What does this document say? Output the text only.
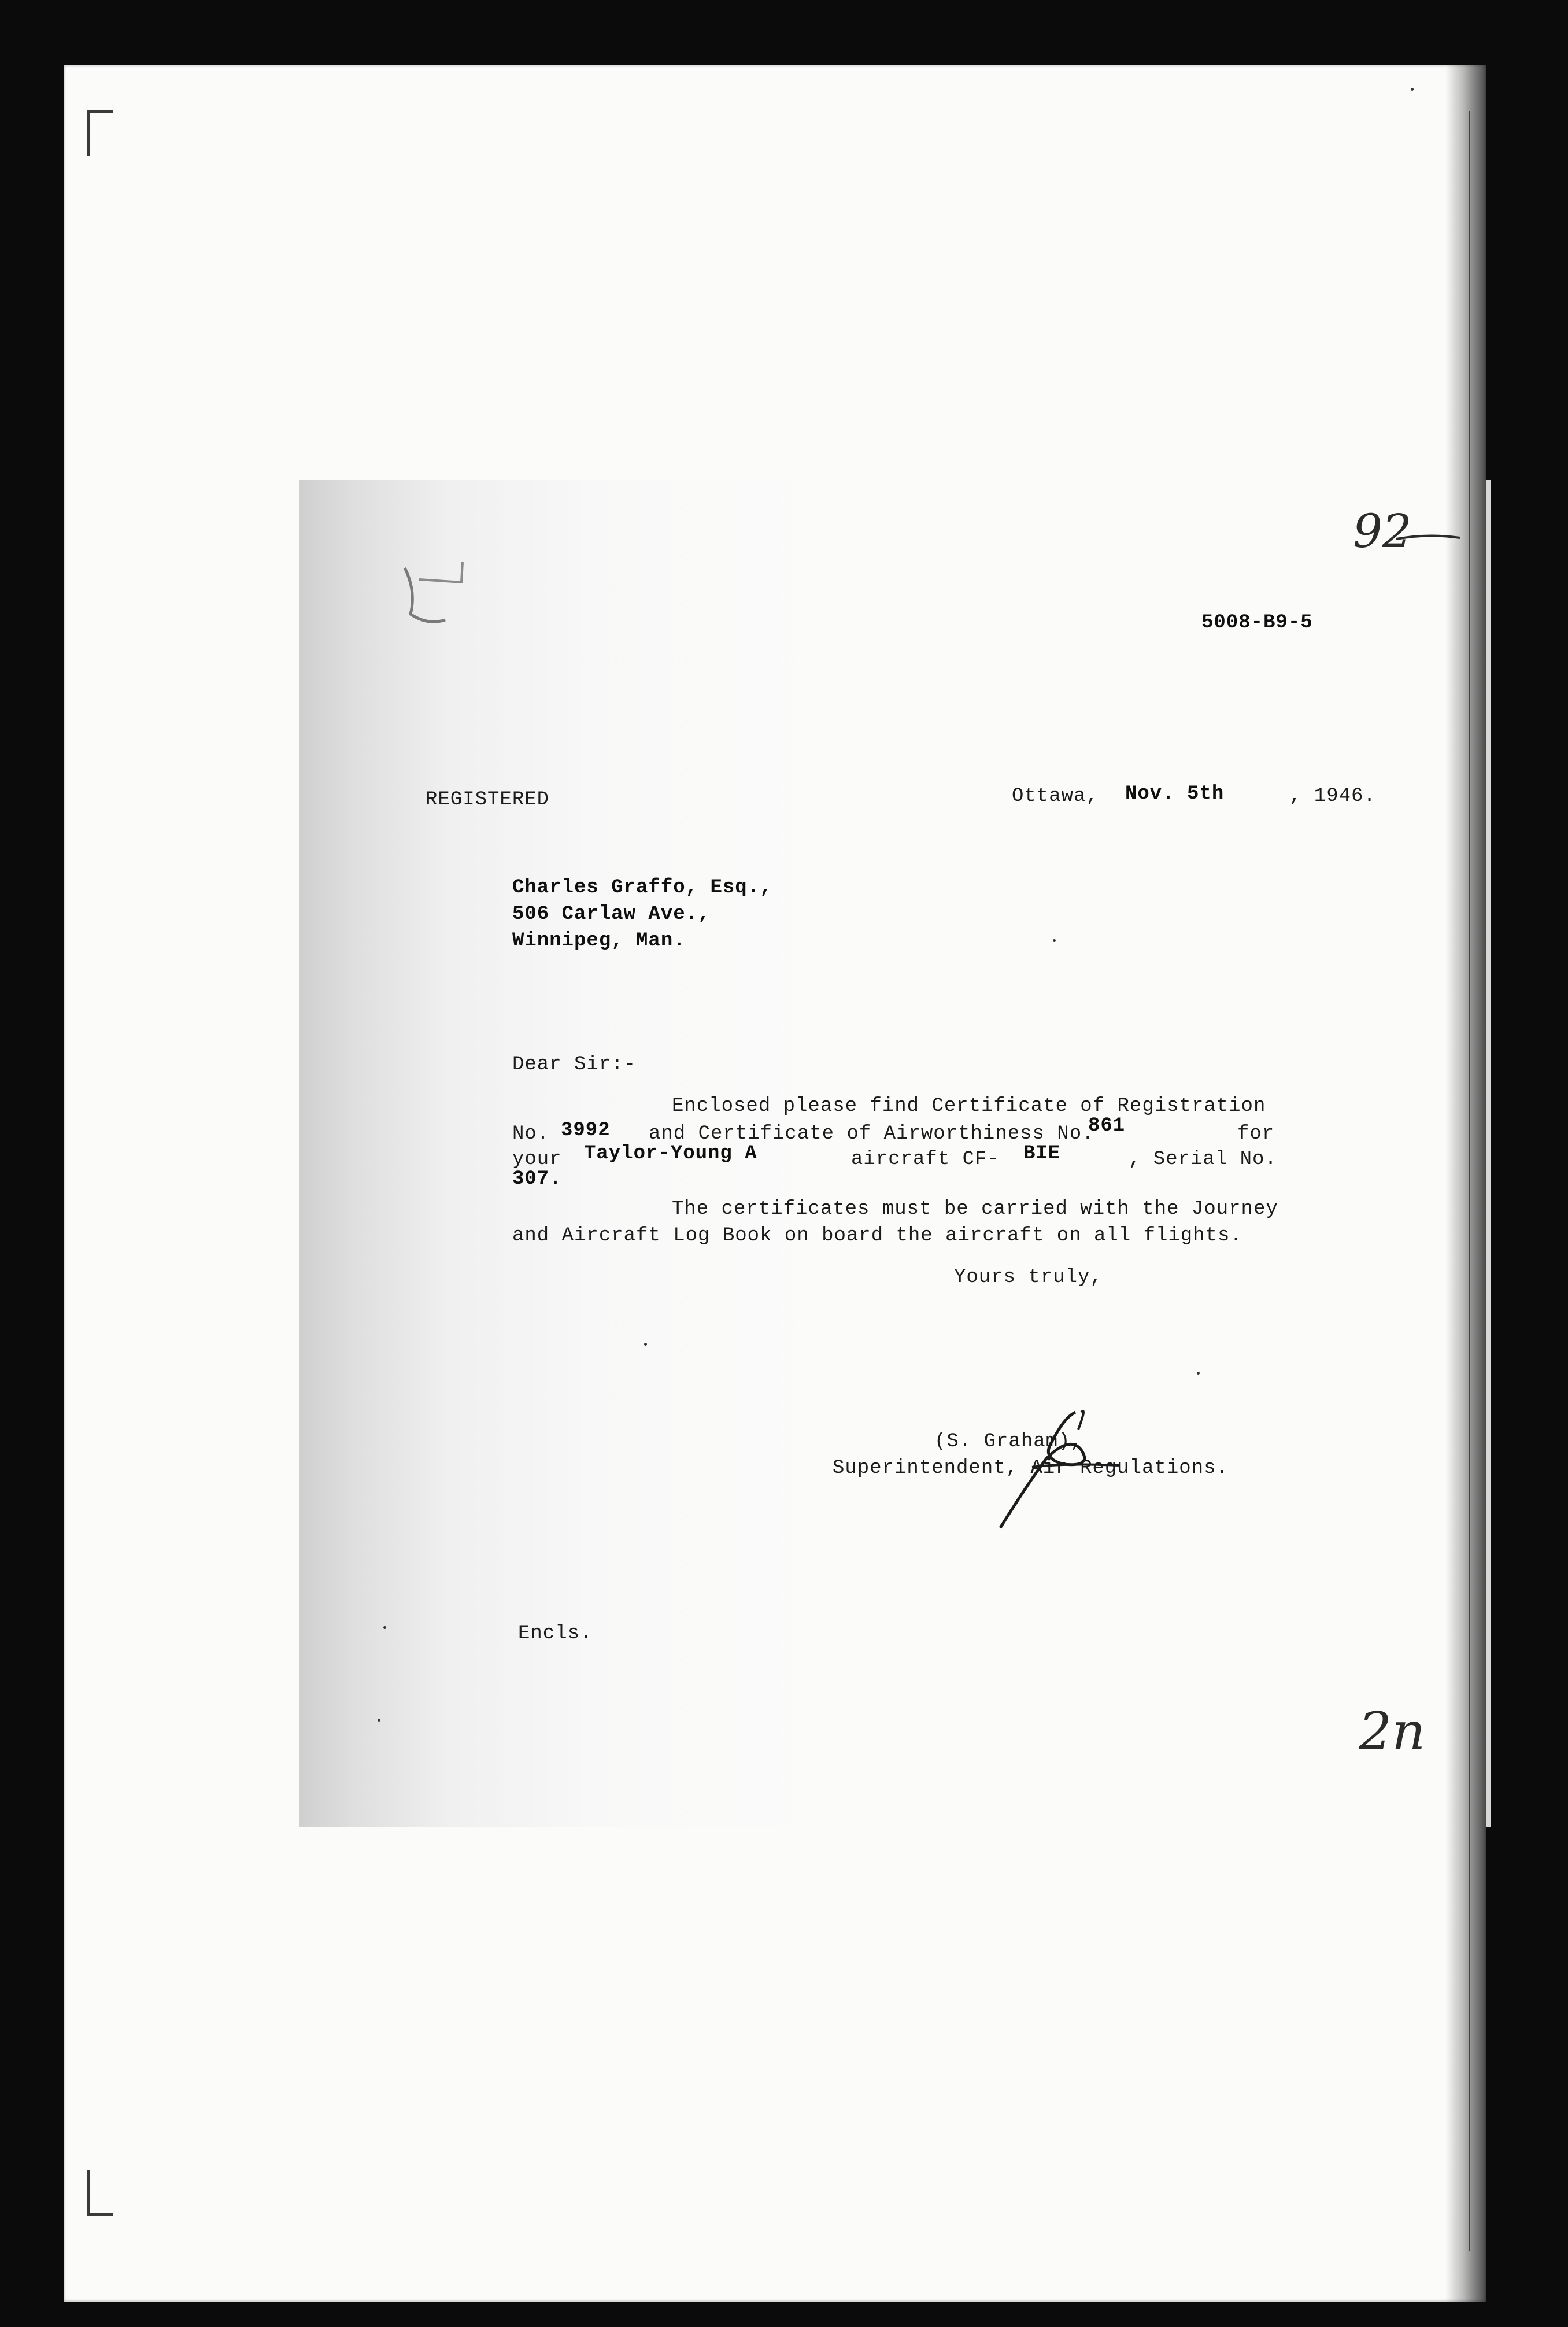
92
2n
5008-B9-5
REGISTERED	Ottawa, Nov. 5th	, 1946.
Charles Graffo, Esq.,
506 Carlaw Ave.,
Winnipeg, Man.
Dear Sir:-
Enclosed please find Certificate of Registration
No. 3992 and Certificate of Airworthiness No.
861	for
your Taylor-Young A	aircraft CF- BIE	, Serial No.
307.
The certificates must be carried with the Journey
and Aircraft Log Book on board the aircraft on all flights.
Yours truly,
(S. Graham),
Superintendent, Air Regulations.
Encls.
